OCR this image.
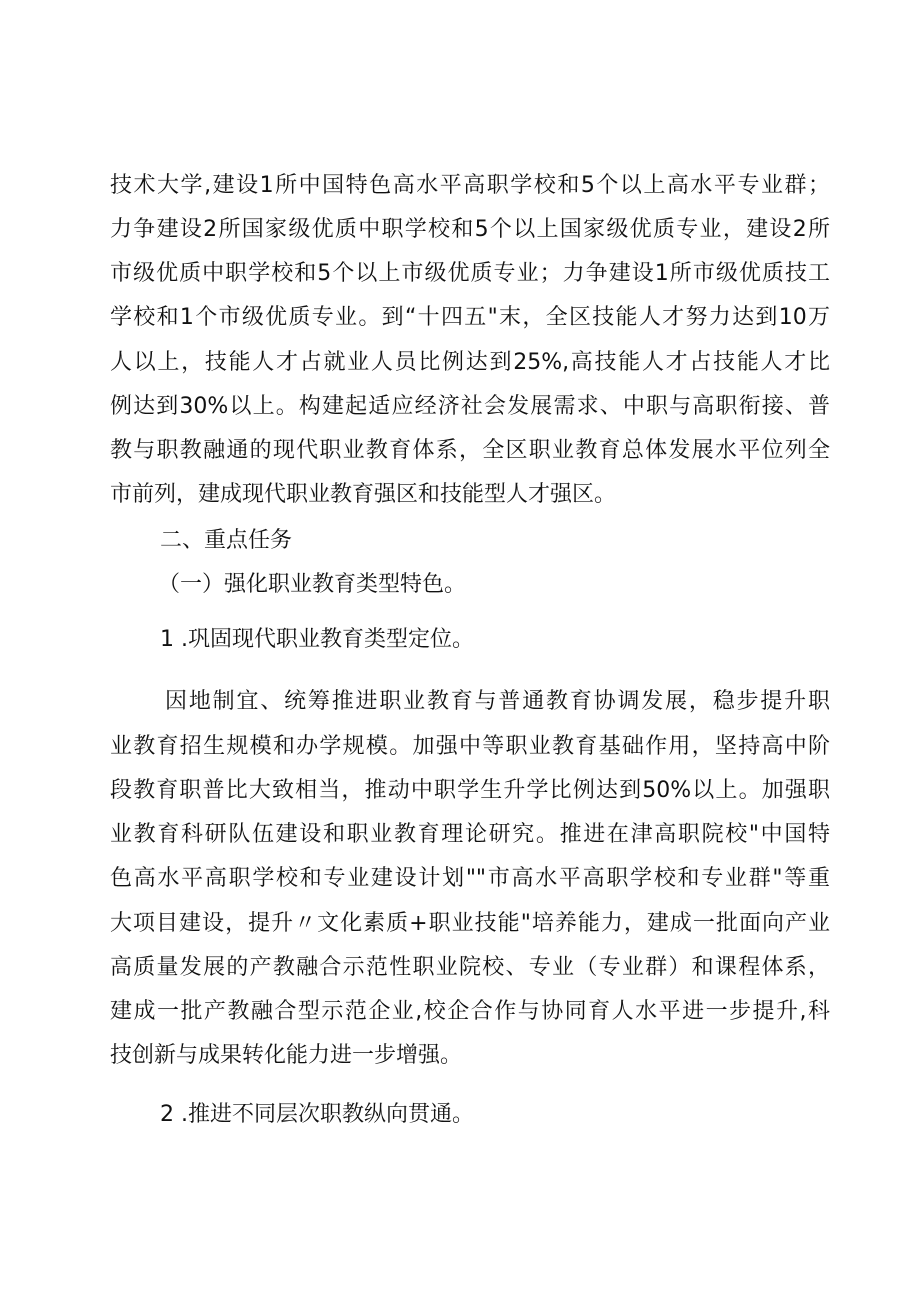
技术大学,建设1所中国特色高水平高职学校和5个以上高水平专业群；
力争建设2所国家级优质中职学校和5个以上国家级优质专业，建设2所
市级优质中职学校和5个以上市级优质专业；力争建设1所市级优质技工
学校和1个市级优质专业。到“十四五"末，全区技能人才努力达到10万
人以上，技能人才占就业人员比例达到25%,高技能人才占技能人才比
例达到30%以上。构建起适应经济社会发展需求、中职与高职衔接、普
教与职教融通的现代职业教育体系，全区职业教育总体发展水平位列全
市前列，建成现代职业教育强区和技能型人才强区。
二、重点任务
（一）强化职业教育类型特色。
1 .巩固现代职业教育类型定位。
因地制宜、统筹推进职业教育与普通教育协调发展，稳步提升职
业教育招生规模和办学规模。加强中等职业教育基础作用，坚持高中阶
段教育职普比大致相当，推动中职学生升学比例达到50%以上。加强职
业教育科研队伍建设和职业教育理论研究。推进在津高职院校"中国特
色高水平高职学校和专业建设计划""市高水平高职学校和专业群"等重
大项目建设，提升〃文化素质+职业技能"培养能力，建成一批面向产业
高质量发展的产教融合示范性职业院校、专业（专业群）和课程体系，
建成一批产教融合型示范企业,校企合作与协同育人水平进一步提升,科
技创新与成果转化能力进一步增强。
2 .推进不同层次职教纵向贯通。
